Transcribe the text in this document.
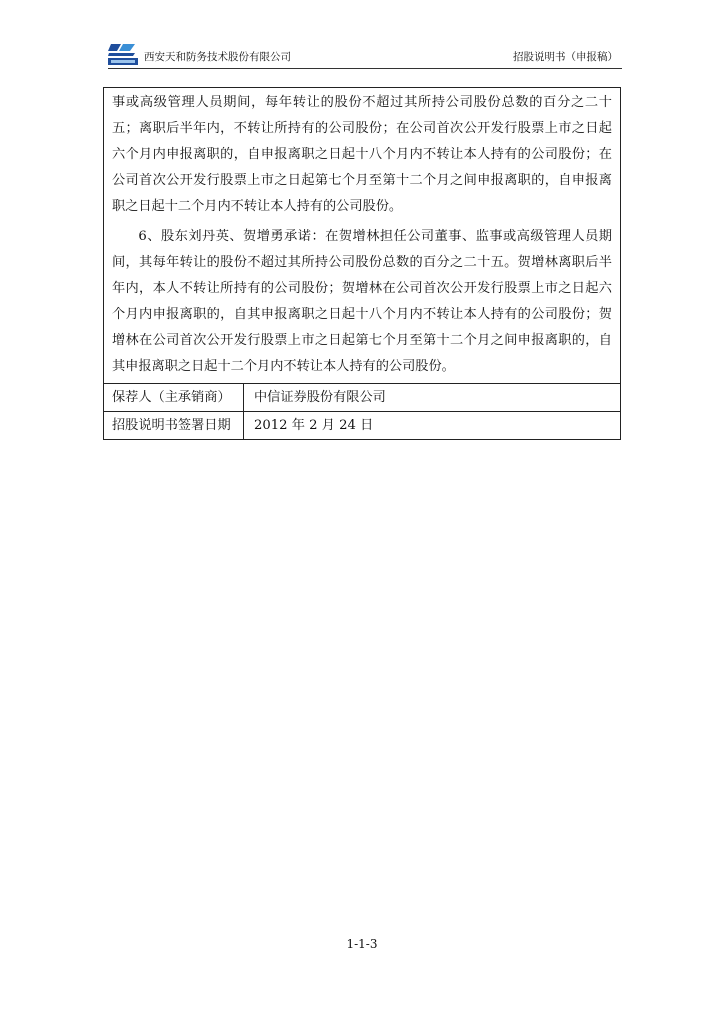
西安天和防务技术股份有限公司	招股说明书（申报稿）

事或高级管理人员期间，每年转让的股份不超过其所持公司股份总数的百分之二十五；离职后半年内，不转让所持有的公司股份；在公司首次公开发行股票上市之日起六个月内申报离职的，自申报离职之日起十八个月内不转让本人持有的公司股份；在公司首次公开发行股票上市之日起第七个月至第十二个月之间申报离职的，自申报离职之日起十二个月内不转让本人持有的公司股份。

6、股东刘丹英、贺增勇承诺：在贺增林担任公司董事、监事或高级管理人员期间，其每年转让的股份不超过其所持公司股份总数的百分之二十五。贺增林离职后半年内，本人不转让所持有的公司股份；贺增林在公司首次公开发行股票上市之日起六个月内申报离职的，自其申报离职之日起十八个月内不转让本人持有的公司股份；贺增林在公司首次公开发行股票上市之日起第七个月至第十二个月之间申报离职的，自其申报离职之日起十二个月内不转让本人持有的公司股份。

保荐人（主承销商）	中信证券股份有限公司
招股说明书签署日期	2012 年 2 月 24 日
1-1-3
